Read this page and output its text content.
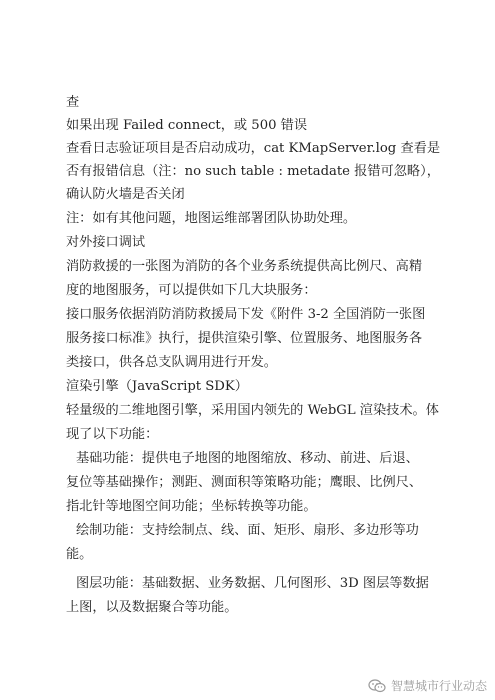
查
如果出现 Failed connect，或 500 错误
查看日志验证项目是否启动成功，cat KMapServer.log 查看是
否有报错信息（注：no such table : metadate 报错可忽略），
确认防火墙是否关闭
注：如有其他问题，地图运维部署团队协助处理。
对外接口调试
消防救援的一张图为消防的各个业务系统提供高比例尺、高精
度的地图服务，可以提供如下几大块服务：
接口服务依据消防消防救援局下发《附件 3-2 全国消防一张图
服务接口标准》执行，提供渲染引擎、位置服务、地图服务各
类接口，供各总支队调用进行开发。
渲染引擎（JavaScript SDK）
轻量级的二维地图引擎，采用国内领先的 WebGL 渲染技术。体
现了以下功能：
基础功能：提供电子地图的地图缩放、移动、前进、后退、
复位等基础操作；测距、测面积等策略功能；鹰眼、比例尺、
指北针等地图空间功能；坐标转换等功能。
绘制功能：支持绘制点、线、面、矩形、扇形、多边形等功
能。
图层功能：基础数据、业务数据、几何图形、3D 图层等数据
上图，以及数据聚合等功能。
智慧城市行业动态
